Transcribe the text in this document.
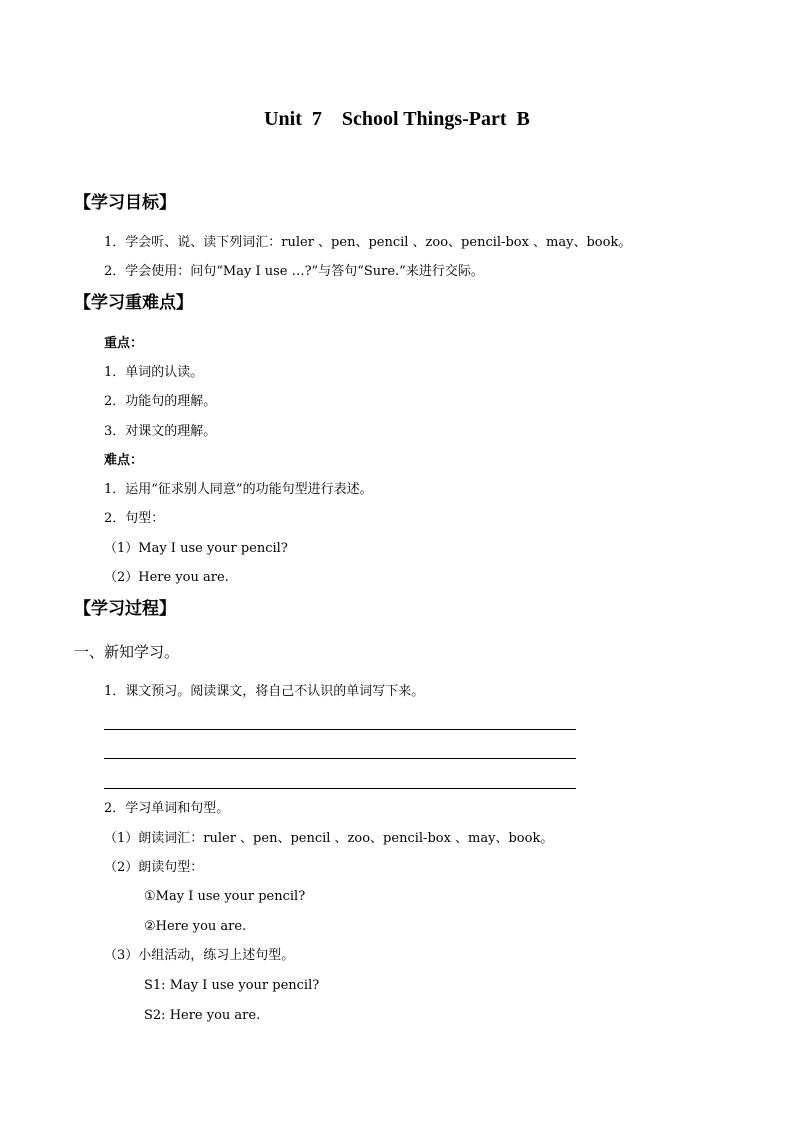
Unit  7    School Things-Part  B
【学习目标】
1．学会听、说、读下列词汇：ruler 、pen、pencil 、zoo、pencil-box 、may、book。
2．学会使用：问句“May I use …?”与答句“Sure.”来进行交际。
【学习重难点】
重点：
1．单词的认读。
2．功能句的理解。
3．对课文的理解。
难点：
1．运用“征求别人同意”的功能句型进行表述。
2．句型：
（1）May I use your pencil?
（2）Here you are.
【学习过程】
一、新知学习。
1．课文预习。阅读课文，将自己不认识的单词写下来。
2．学习单词和句型。
（1）朗读词汇：ruler 、pen、pencil 、zoo、pencil-box 、may、book。
（2）朗读句型：
①May I use your pencil?
②Here you are.
（3）小组活动，练习上述句型。
S1: May I use your pencil?
S2: Here you are.
